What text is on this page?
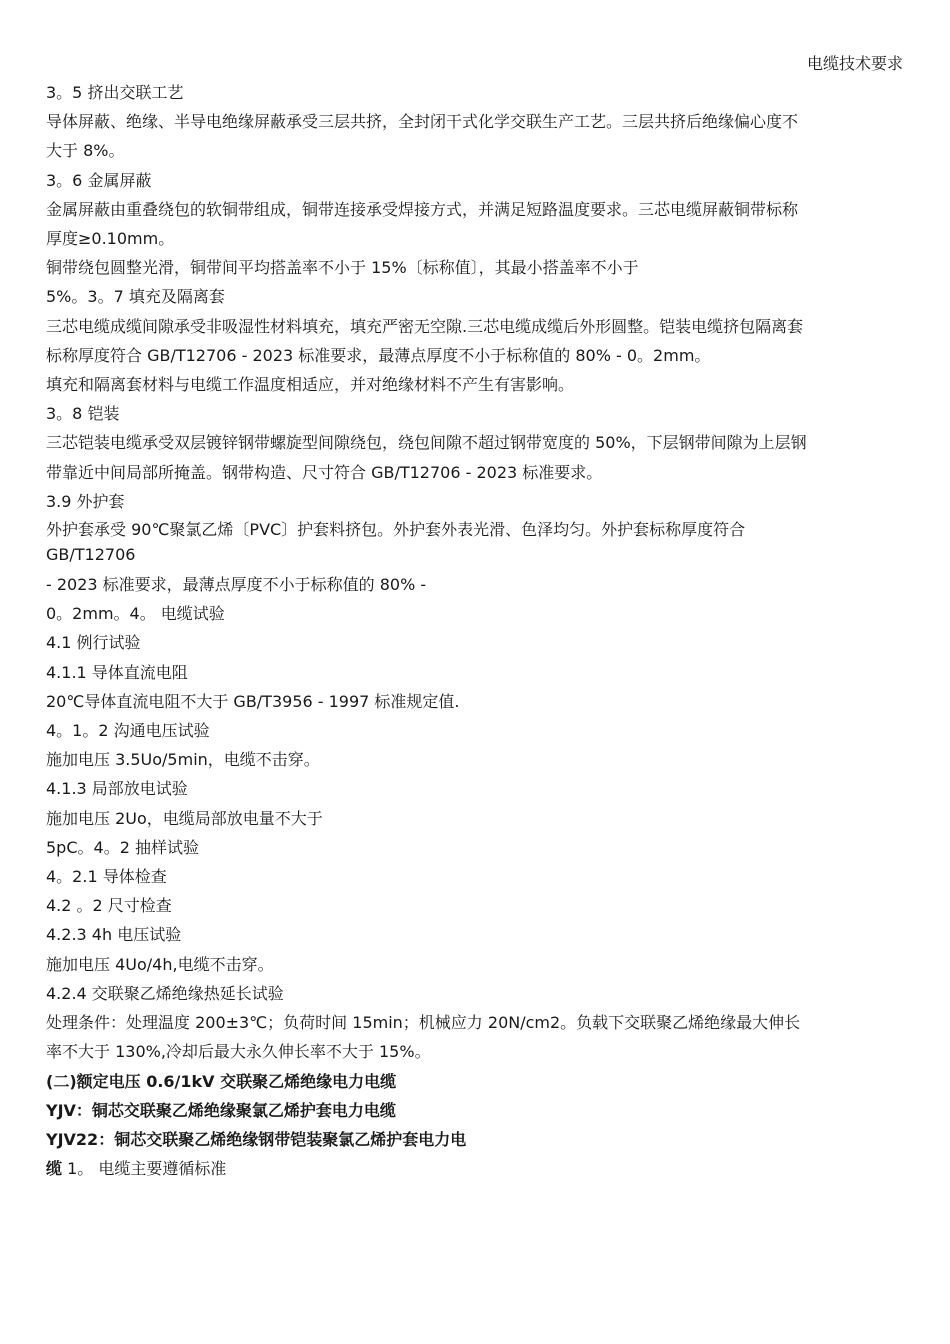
电缆技术要求
3。5 挤出交联工艺
导体屏蔽、绝缘、半导电绝缘屏蔽承受三层共挤，全封闭干式化学交联生产工艺。三层共挤后绝缘偏心度不
大于 8%。
3。6 金属屏蔽
金属屏蔽由重叠绕包的软铜带组成，铜带连接承受焊接方式，并满足短路温度要求。三芯电缆屏蔽铜带标称
厚度≥0.10mm。
铜带绕包圆整光滑，铜带间平均搭盖率不小于 15%〔标称值〕，其最小搭盖率不小于
5%。3。7 填充及隔离套
三芯电缆成缆间隙承受非吸湿性材料填充，填充严密无空隙.三芯电缆成缆后外形圆整。铠装电缆挤包隔离套
标称厚度符合 GB/T12706 - 2023 标准要求，最薄点厚度不小于标称值的 80% - 0。2mm。
填充和隔离套材料与电缆工作温度相适应，并对绝缘材料不产生有害影响。
3。8 铠装
三芯铠装电缆承受双层镀锌钢带螺旋型间隙绕包，绕包间隙不超过钢带宽度的 50%，下层钢带间隙为上层钢
带靠近中间局部所掩盖。钢带构造、尺寸符合 GB/T12706 - 2023 标准要求。
3.9 外护套
外护套承受 90℃聚氯乙烯〔PVC〕护套料挤包。外护套外表光滑、色泽均匀。外护套标称厚度符合
GB/T12706
- 2023 标准要求，最薄点厚度不小于标称值的 80% -
0。2mm。4。 电缆试验
4.1 例行试验
4.1.1 导体直流电阻
20℃导体直流电阻不大于 GB/T3956 - 1997 标准规定值.
4。1。2 沟通电压试验
施加电压 3.5Uo/5min，电缆不击穿。
4.1.3 局部放电试验
施加电压 2Uo，电缆局部放电量不大于
5pC。4。2 抽样试验
4。2.1 导体检查
4.2 。2 尺寸检查
4.2.3 4h 电压试验
施加电压 4Uo/4h,电缆不击穿。
4.2.4 交联聚乙烯绝缘热延长试验
处理条件：处理温度 200±3℃；负荷时间 15min；机械应力 20N/cm2。负载下交联聚乙烯绝缘最大伸长
率不大于 130%,冷却后最大永久伸长率不大于 15%。
(二)额定电压 0.6/1kV 交联聚乙烯绝缘电力电缆
YJV：铜芯交联聚乙烯绝缘聚氯乙烯护套电力电缆
YJV22：铜芯交联聚乙烯绝缘钢带铠装聚氯乙烯护套电力电
缆 1。 电缆主要遵循标准
